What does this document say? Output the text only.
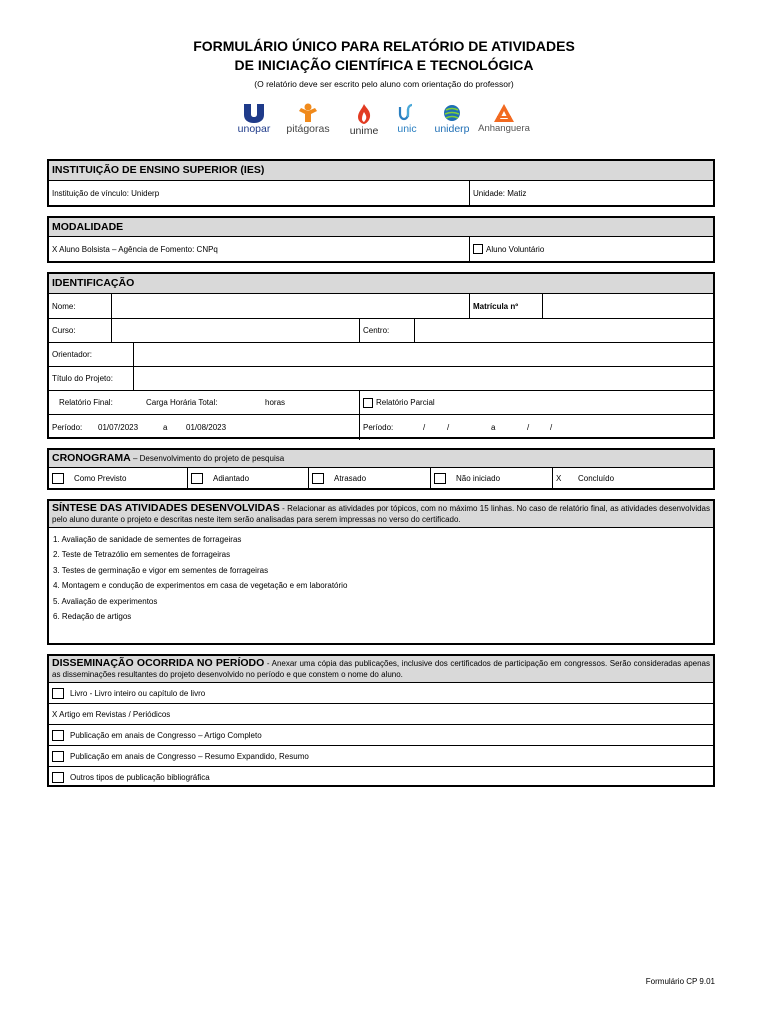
FORMULÁRIO ÚNICO PARA RELATÓRIO DE ATIVIDADES
DE INICIAÇÃO CIENTÍFICA E TECNOLÓGICA
(O relatório deve ser escrito pelo aluno com orientação do professor)
unopar	pitágoras	unime	unic	uniderp Anhanguera
INSTITUIÇÃO DE ENSINO SUPERIOR (IES)
Instituição de vínculo: Uniderp	Unidade: Matiz
MODALIDADE
X Aluno Bolsista – Agência de Fomento: CNPq	Aluno Voluntário
IDENTIFICAÇÃO
Nome:	Matrícula nº
Curso:	Centro:
Orientador:
Título do Projeto:
Relatório Final:	Carga Horária Total:	horas	Relatório Parcial
Período:	01/07/2023	a	01/08/2023	Período:	/	/	a	/	/
CRONOGRAMA – Desenvolvimento do projeto de pesquisa
Como Previsto	Adiantado	Atrasado	Não iniciado	X	Concluído
SÍNTESE DAS ATIVIDADES DESENVOLVIDAS - Relacionar as atividades por tópicos, com no máximo 15 linhas. No caso de relatório final, as atividades desenvolvidas pelo aluno durante o projeto e descritas neste item serão analisadas para serem impressas no verso do certificado.
1. Avaliação de sanidade de sementes de forrageiras
2. Teste de Tetrazólio em sementes de forrageiras
3. Testes de germinação e vigor em sementes de forrageiras
4. Montagem e condução de experimentos em casa de vegetação e em laboratório
5. Avaliação de experimentos
6. Redação de artigos
DISSEMINAÇÃO OCORRIDA NO PERÍODO - Anexar uma cópia das publicações, inclusive dos certificados de participação em congressos. Serão consideradas apenas as disseminações resultantes do projeto desenvolvido no período e que constem o nome do aluno.
Livro - Livro inteiro ou capítulo de livro
X Artigo em Revistas / Periódicos
Publicação em anais de Congresso – Artigo Completo
Publicação em anais de Congresso – Resumo Expandido, Resumo
Outros tipos de publicação bibliográfica
Formulário CP 9.01
